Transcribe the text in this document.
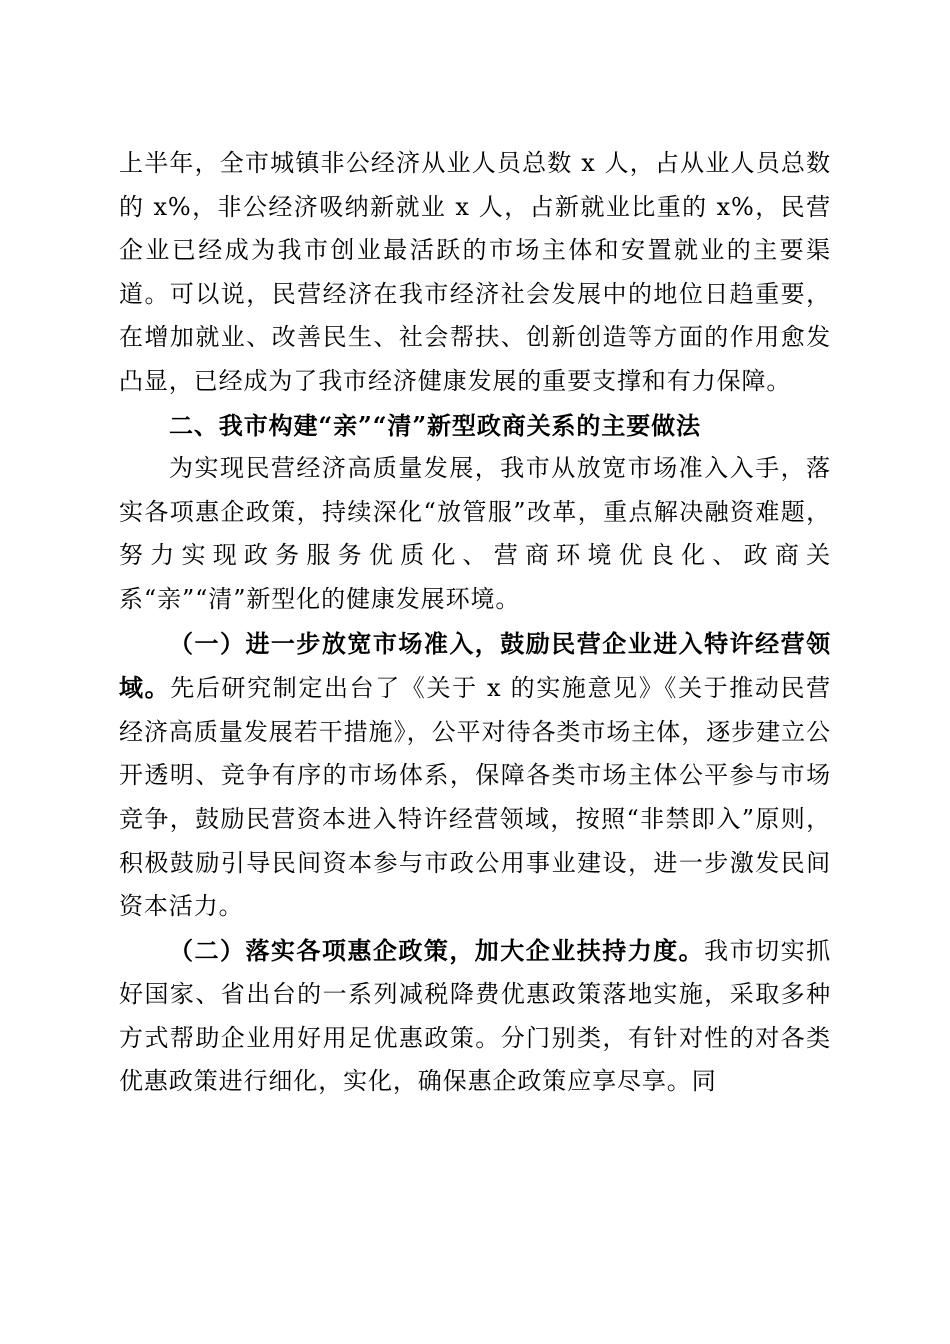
上半年，全市城镇非公经济从业人员总数 x 人，占从业人员总数的 x%，非公经济吸纳新就业 x 人，占新就业比重的 x%，民营企业已经成为我市创业最活跃的市场主体和安置就业的主要渠道。可以说，民营经济在我市经济社会发展中的地位日趋重要，在增加就业、改善民生、社会帮扶、创新创造等方面的作用愈发凸显，已经成为了我市经济健康发展的重要支撑和有力保障。

二、我市构建“亲”“清”新型政商关系的主要做法

为实现民营经济高质量发展，我市从放宽市场准入入手，落实各项惠企政策，持续深化“放管服”改革，重点解决融资难题，努力实现政务服务优质化、营商环境优良化、政商关系“亲”“清”新型化的健康发展环境。

（一）进一步放宽市场准入，鼓励民营企业进入特许经营领域。先后研究制定出台了《关于 x 的实施意见》《关于推动民营经济高质量发展若干措施》，公平对待各类市场主体，逐步建立公开透明、竞争有序的市场体系，保障各类市场主体公平参与市场竞争，鼓励民营资本进入特许经营领域，按照“非禁即入”原则，积极鼓励引导民间资本参与市政公用事业建设，进一步激发民间资本活力。

（二）落实各项惠企政策，加大企业扶持力度。我市切实抓好国家、省出台的一系列减税降费优惠政策落地实施，采取多种方式帮助企业用好用足优惠政策。分门别类，有针对性的对各类优惠政策进行细化，实化，确保惠企政策应享尽享。同
